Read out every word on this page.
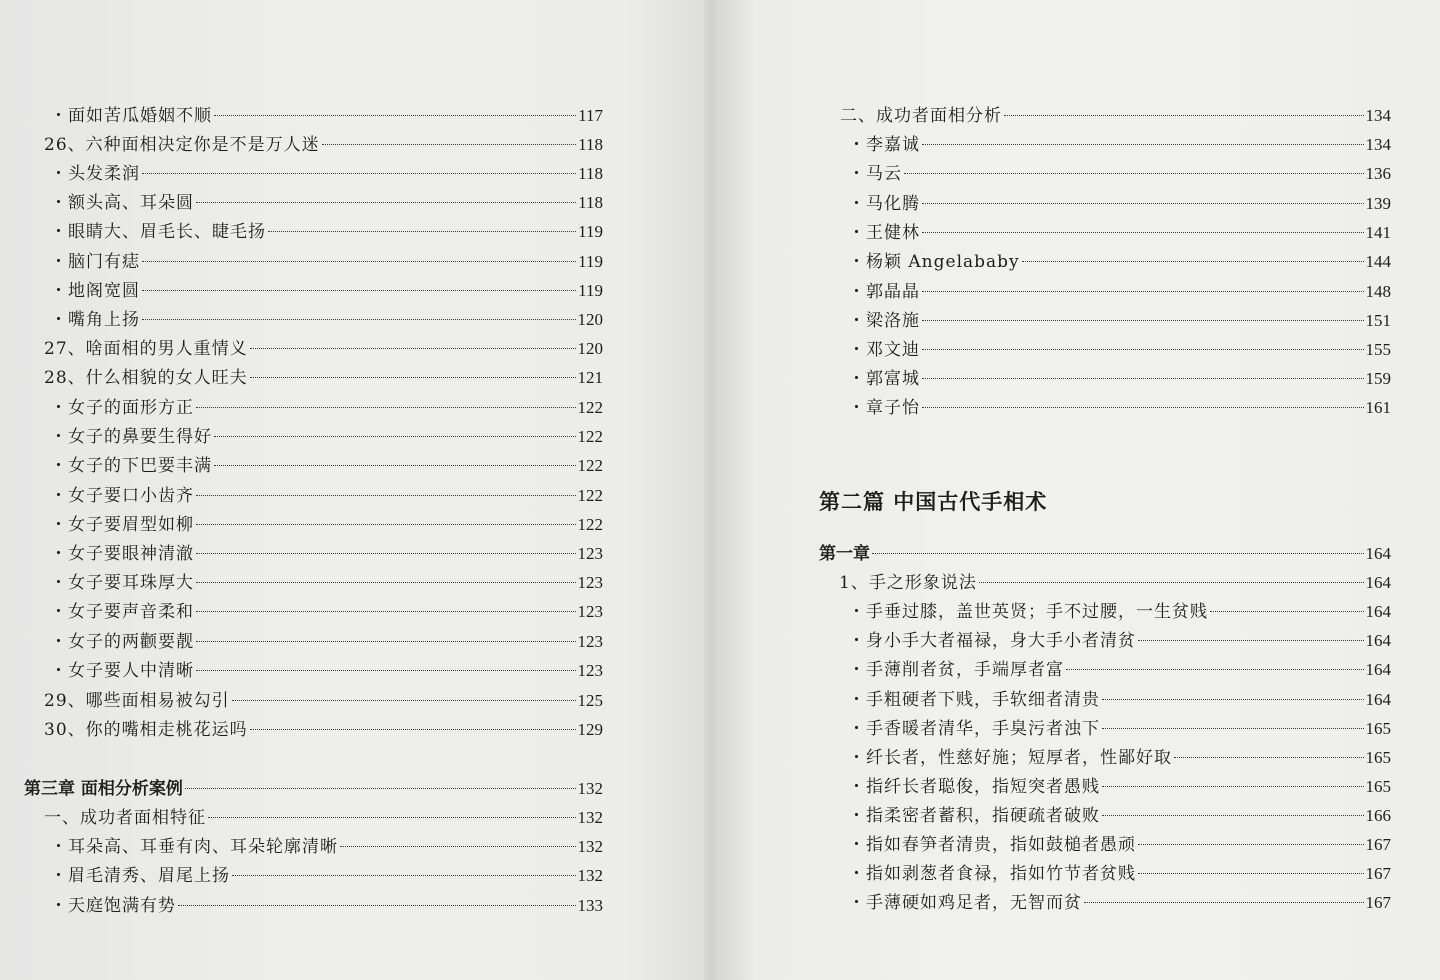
・面如苦瓜婚姻不顺	117
26、六种面相决定你是不是万人迷	118
・头发柔润	118
・额头高、耳朵圆	118
・眼睛大、眉毛长、睫毛扬	119
・脑门有痣	119
・地阁宽圆	119
・嘴角上扬	120
27、啥面相的男人重情义	120
28、什么相貌的女人旺夫	121
・女子的面形方正	122
・女子的鼻要生得好	122
・女子的下巴要丰满	122
・女子要口小齿齐	122
・女子要眉型如柳	122
・女子要眼神清澈	123
・女子要耳珠厚大	123
・女子要声音柔和	123
・女子的两颧要靓	123
・女子要人中清晰	123
29、哪些面相易被勾引	125
30、你的嘴相走桃花运吗	129
第三章 面相分析案例	132
一、成功者面相特征	132
・耳朵高、耳垂有肉、耳朵轮廓清晰	132
・眉毛清秀、眉尾上扬	132
・天庭饱满有势	133
二、成功者面相分析	134
・李嘉诚	134
・马云	136
・马化腾	139
・王健林	141
・杨颖 Angelababy	144
・郭晶晶	148
・梁洛施	151
・邓文迪	155
・郭富城	159
・章子怡	161
第一章	164
1、手之形象说法	164
・手垂过膝，盖世英贤；手不过腰，一生贫贱	164
・身小手大者福禄，身大手小者清贫	164
・手薄削者贫，手端厚者富	164
・手粗硬者下贱，手软细者清贵	164
・手香暖者清华，手臭污者浊下	165
・纤长者，性慈好施；短厚者，性鄙好取	165
・指纤长者聪俊，指短突者愚贱	165
・指柔密者蓄积，指硬疏者破败	166
・指如春笋者清贵，指如鼓槌者愚顽	167
・指如剥葱者食禄，指如竹节者贫贱	167
・手薄硬如鸡足者，无智而贫	167
第二篇 中国古代手相术
